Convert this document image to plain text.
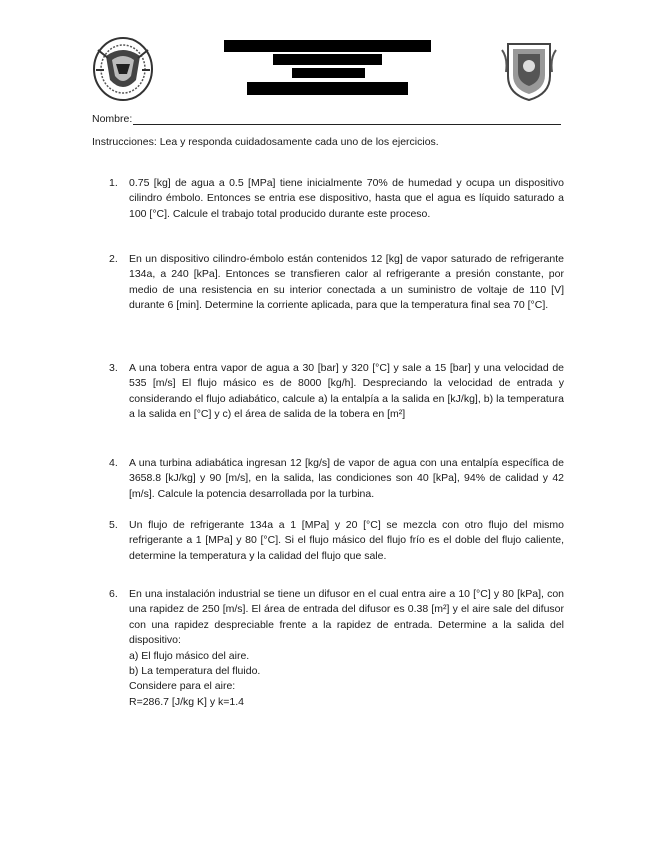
Nombre:
Instrucciones: Lea y responda cuidadosamente cada uno de los ejercicios.
1.	0.75 [kg] de agua a 0.5 [MPa] tiene inicialmente 70% de humedad y ocupa un dispositivo cilindro émbolo. Entonces se entria ese dispositivo, hasta que el agua es líquido saturado a 100 [°C]. Calcule el trabajo total producido durante este proceso.
2.	En un dispositivo cilindro-émbolo están contenidos 12 [kg] de vapor saturado de refrigerante 134a, a 240 [kPa]. Entonces se transfieren calor al refrigerante a presión constante, por medio de una resistencia en su interior conectada a un suministro de voltaje de 110 [V] durante 6 [min]. Determine la corriente aplicada, para que la temperatura final sea 70 [°C].
3.	A una tobera entra vapor de agua a 30 [bar] y 320 [°C] y sale a 15 [bar] y una velocidad de 535 [m/s] El flujo másico es de 8000 [kg/h]. Despreciando la velocidad de entrada y considerando el flujo adiabático, calcule a) la entalpía a la salida en [kJ/kg], b) la temperatura a la salida en [°C] y c) el área de salida de la tobera en [m²]
4.	A una turbina adiabática ingresan 12 [kg/s] de vapor de agua con una entalpía específica de 3658.8 [kJ/kg] y 90 [m/s], en la salida, las condiciones son 40 [kPa], 94% de calidad y 42 [m/s]. Calcule la potencia desarrollada por la turbina.
5.	Un flujo de refrigerante 134a a 1 [MPa] y 20 [°C] se mezcla con otro flujo del mismo refrigerante a 1 [MPa] y 80 [°C]. Si el flujo másico del flujo frío es el doble del flujo caliente, determine la temperatura y la calidad del flujo que sale.
6.	En una instalación industrial se tiene un difusor en el cual entra aire a 10 [°C] y 80 [kPa], con una rapidez de 250 [m/s]. El área de entrada del difusor es 0.38 [m²] y el aire sale del difusor con una rapidez despreciable frente a la rapidez de entrada. Determine a la salida del dispositivo:

a) El flujo másico del aire.

b) La temperatura del fluido.

Considere para el aire:

R=286.7 [J/kg K] y k=1.4
